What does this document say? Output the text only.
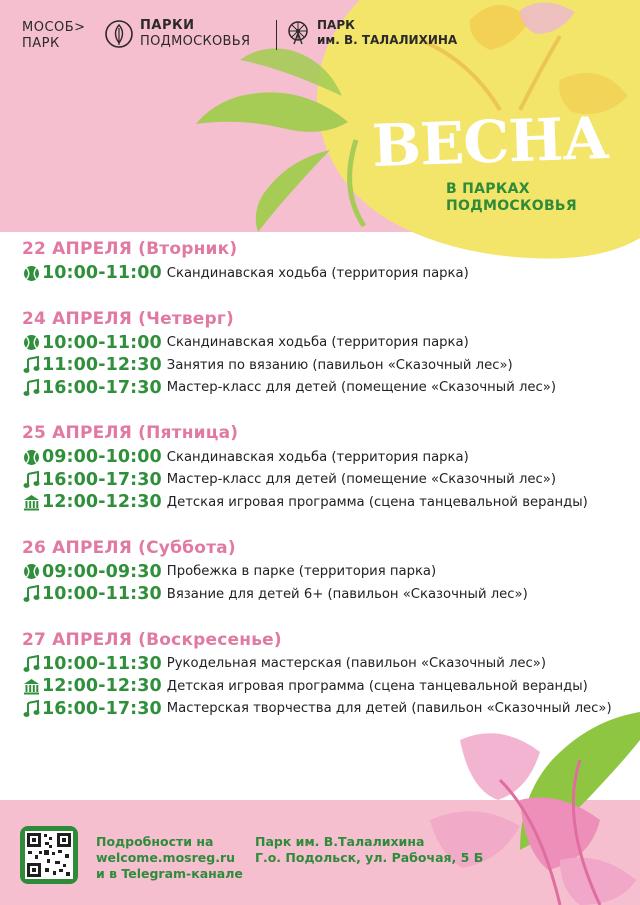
МОСОБ>
ПАРК
ПАРКИ
ПОДМОСКОВЬЯ
ПАРК
им. В. ТАЛАЛИХИНА
ВЕСНА
В ПАРКАХ
ПОДМОСКОВЬЯ
22 АПРЕЛЯ (Вторник)
10:00-11:00 Скандинавская ходьба (территория парка)
24 АПРЕЛЯ (Четверг)
10:00-11:00 Скандинавская ходьба (территория парка)
11:00-12:30 Занятия по вязанию (павильон «Сказочный лес»)
16:00-17:30 Мастер-класс для детей (помещение «Сказочный лес»)
25 АПРЕЛЯ (Пятница)
09:00-10:00 Скандинавская ходьба (территория парка)
16:00-17:30 Мастер-класс для детей (помещение «Сказочный лес»)
12:00-12:30 Детская игровая программа (сцена танцевальной веранды)
26 АПРЕЛЯ (Суббота)
09:00-09:30 Пробежка в парке (территория парка)
10:00-11:30 Вязание для детей 6+ (павильон «Сказочный лес»)
27 АПРЕЛЯ (Воскресенье)
10:00-11:30 Рукодельная мастерская (павильон «Сказочный лес»)
12:00-12:30 Детская игровая программа (сцена танцевальной веранды)
16:00-17:30 Мастерская творчества для детей (павильон «Сказочный лес»)
Подробности на
welcome.mosreg.ru
и в Telegram-канале
Парк им. В.Талалихина
Г.о. Подольск, ул. Рабочая, 5 Б
